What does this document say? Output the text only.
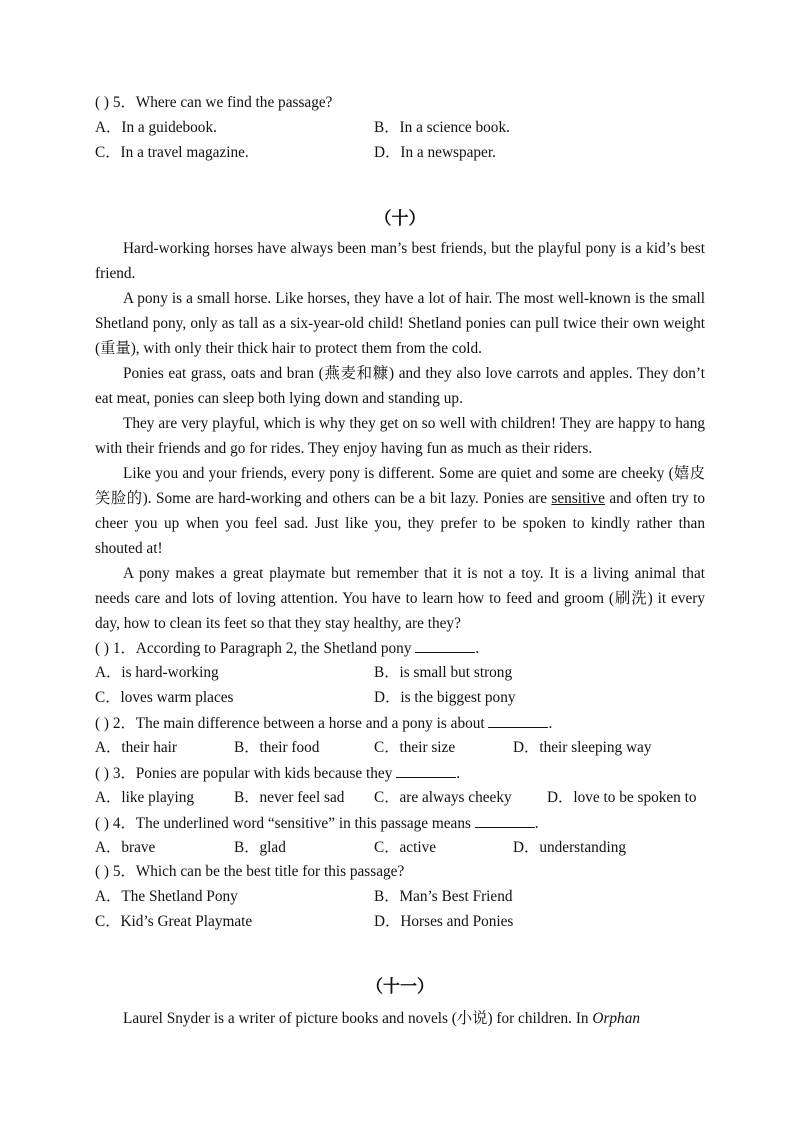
( ) 5．Where can we find the passage?
A．In a guidebook.	B．In a science book.
C．In a travel magazine.	D．In a newspaper.
（十）
Hard-working horses have always been man’s best friends, but the playful pony is a kid’s best friend.
A pony is a small horse. Like horses, they have a lot of hair. The most well-known is the small Shetland pony, only as tall as a six-year-old child! Shetland ponies can pull twice their own weight (重量), with only their thick hair to protect them from the cold.
Ponies eat grass, oats and bran (燕麦和糠) and they also love carrots and apples. They don’t eat meat, ponies can sleep both lying down and standing up.
They are very playful, which is why they get on so well with children! They are happy to hang with their friends and go for rides. They enjoy having fun as much as their riders.
Like you and your friends, every pony is different. Some are quiet and some are cheeky (嬉皮笑脸的). Some are hard-working and others can be a bit lazy. Ponies are sensitive and often try to cheer you up when you feel sad. Just like you, they prefer to be spoken to kindly rather than shouted at!
A pony makes a great playmate but remember that it is not a toy. It is a living animal that needs care and lots of loving attention. You have to learn how to feed and groom (刷洗) it every day, how to clean its feet so that they stay healthy, are they?
( ) 1．According to Paragraph 2, the Shetland pony	.
A．is hard-working	B．is small but strong
C．loves warm places	D．is the biggest pony
( ) 2．The main difference between a horse and a pony is about	.
A．their hair	B．their food	C．their size	D．their sleeping way
( ) 3．Ponies are popular with kids because they	.
A．like playing	B．never feel sad C．are always cheeky D．love to be spoken to
( ) 4．The underlined word “sensitive” in this passage means	.
A．brave	B．glad	C．active	D．understanding
( ) 5．Which can be the best title for this passage?
A．The Shetland Pony	B．Man’s Best Friend
C．Kid’s Great Playmate	D．Horses and Ponies
（十一）
Laurel Snyder is a writer of picture books and novels (小说) for children. In Orphan
